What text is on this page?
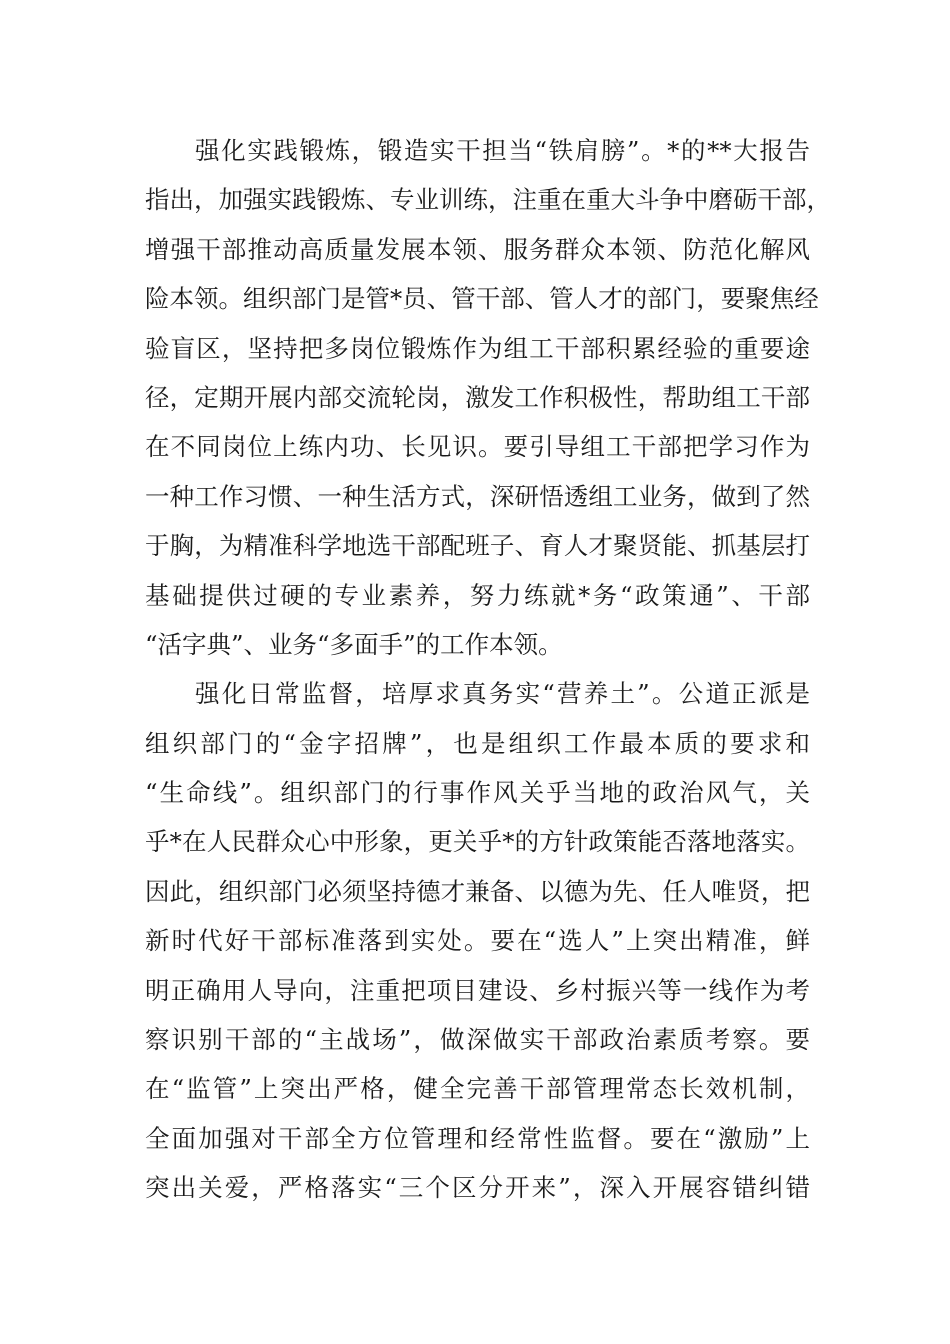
强化实践锻炼，锻造实干担当“铁肩膀”。*的**大报告
指出，加强实践锻炼、专业训练，注重在重大斗争中磨砺干部，
增强干部推动高质量发展本领、服务群众本领、防范化解风
险本领。组织部门是管*员、管干部、管人才的部门，要聚焦经
验盲区，坚持把多岗位锻炼作为组工干部积累经验的重要途
径，定期开展内部交流轮岗，激发工作积极性，帮助组工干部
在不同岗位上练内功、长见识。要引导组工干部把学习作为
一种工作习惯、一种生活方式，深研悟透组工业务，做到了然
于胸，为精准科学地选干部配班子、育人才聚贤能、抓基层打
基础提供过硬的专业素养，努力练就*务“政策通”、干部
“活字典”、业务“多面手”的工作本领。
强化日常监督，培厚求真务实“营养土”。公道正派是
组织部门的“金字招牌”，也是组织工作最本质的要求和
“生命线”。组织部门的行事作风关乎当地的政治风气，关
乎*在人民群众心中形象，更关乎*的方针政策能否落地落实。
因此，组织部门必须坚持德才兼备、以德为先、任人唯贤，把
新时代好干部标准落到实处。要在“选人”上突出精准，鲜
明正确用人导向，注重把项目建设、乡村振兴等一线作为考
察识别干部的“主战场”，做深做实干部政治素质考察。要
在“监管”上突出严格，健全完善干部管理常态长效机制，
全面加强对干部全方位管理和经常性监督。要在“激励”上
突出关爱，严格落实“三个区分开来”，深入开展容错纠错
